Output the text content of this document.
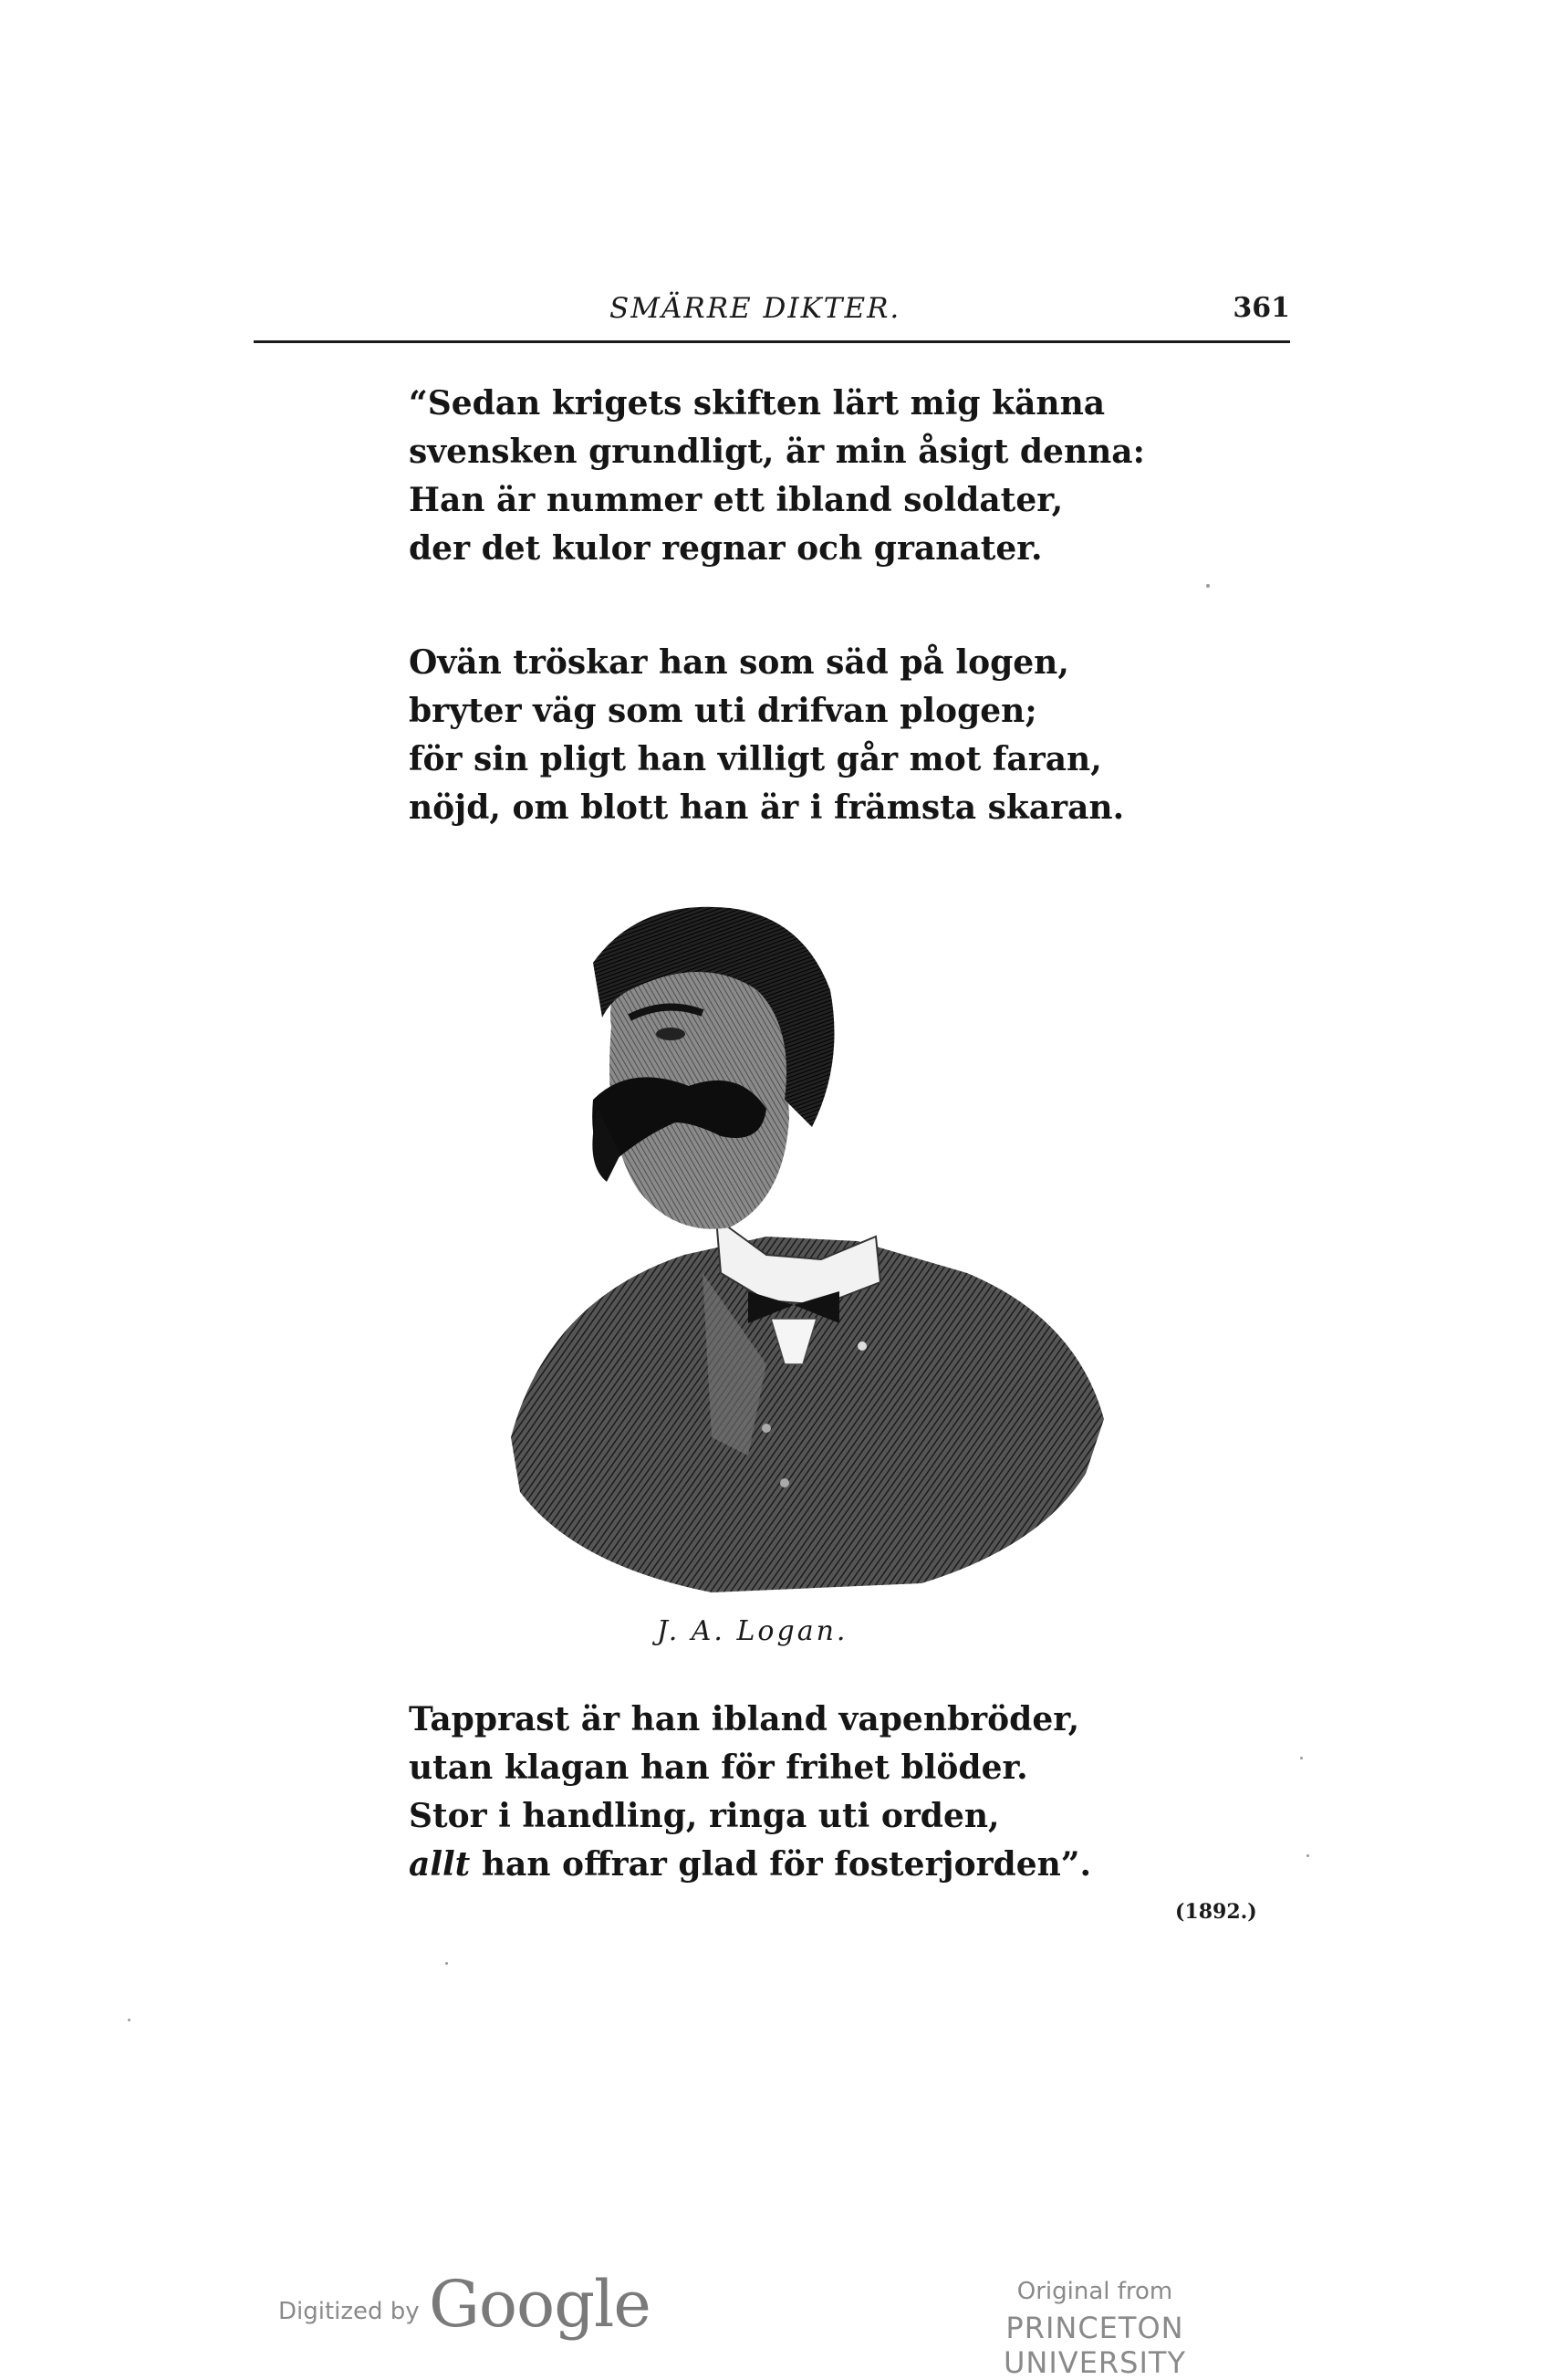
SMÄRRE DIKTER.	361
“Sedan krigets skiften lärt mig känna
svensken grundligt, är min åsigt denna:
Han är nummer ett ibland soldater,
der det kulor regnar och granater.
Ovän tröskar han som säd på logen,
bryter väg som uti drifvan plogen;
för sin pligt han villigt går mot faran,
nöjd, om blott han är i främsta skaran.
J. A. Logan.
Tapprast är han ibland vapenbröder,
utan klagan han för frihet blöder.
Stor i handling, ringa uti orden,
allt han offrar glad för fosterjorden”.
(1892.)
Digitized by Google	Original from
PRINCETON UNIVERSITY
